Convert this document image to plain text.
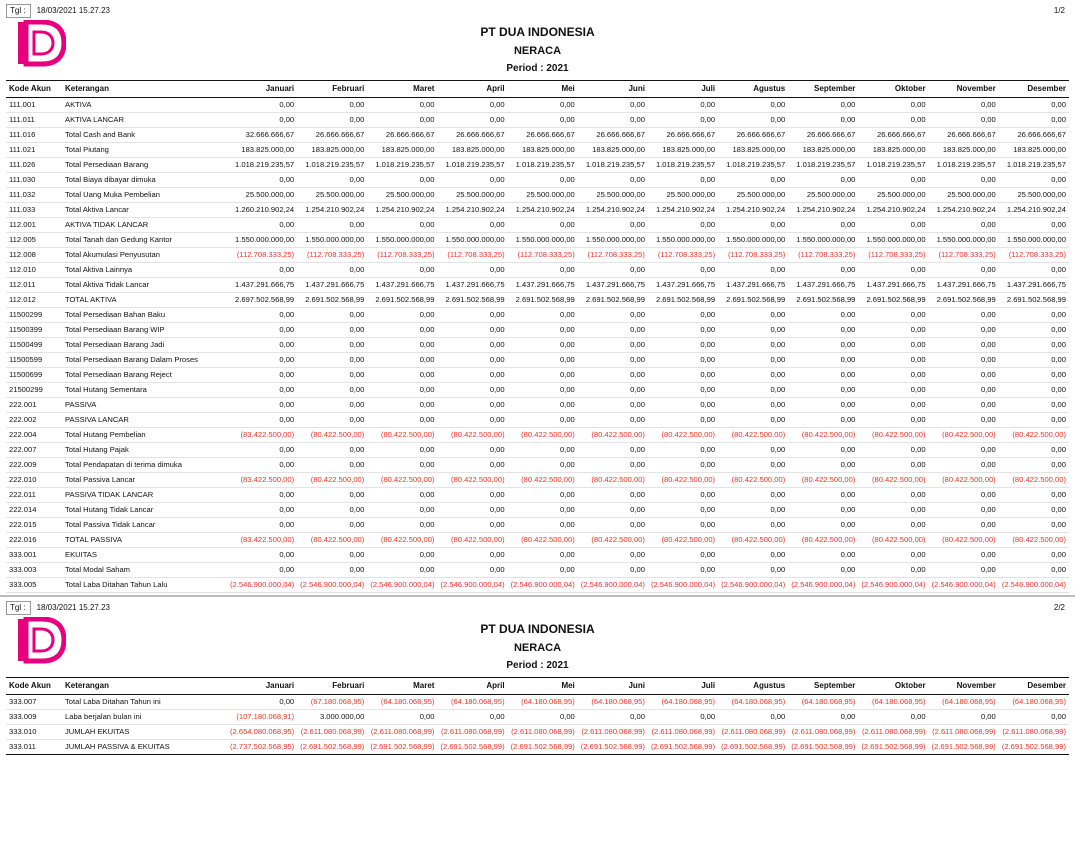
1/2
Tgl :	18/03/2021 15.27.23
PT DUA INDONESIA
NERACA
Period : 2021
Kode Akun	Keterangan	Januari	Februari	Maret	April	Mei	Juni	Juli	Agustus	September	Oktober	November	Desember
111.001	AKTIVA	0,00	0,00	0,00	0,00	0,00	0,00	0,00	0,00	0,00	0,00	0,00	0,00
111.011	AKTIVA LANCAR	0,00	0,00	0,00	0,00	0,00	0,00	0,00	0,00	0,00	0,00	0,00	0,00
111.016	Total Cash and Bank	32.666.666,67	26.666.666,67	26.666.666,67	26.666.666,67	26.666.666,67	26.666.666,67	26.666.666,67	26.666.666,67	26.666.666,67	26.666.666,67	26.666.666,67	26.666.666,67
111.021	Total Piutang	183.825.000,00	183.825.000,00	183.825.000,00	183.825.000,00	183.825.000,00	183.825.000,00	183.825.000,00	183.825.000,00	183.825.000,00	183.825.000,00	183.825.000,00	183.825.000,00
111.026	Total Persediaan Barang	1.018.219.235,57	1.018.219.235,57	1.018.219.235,57	1.018.219.235,57	1.018.219.235,57	1.018.219.235,57	1.018.219.235,57	1.018.219.235,57	1.018.219.235,57	1.018.219.235,57	1.018.219.235,57	1.018.219.235,57
111.030	Total Biaya dibayar dimuka	0,00	0,00	0,00	0,00	0,00	0,00	0,00	0,00	0,00	0,00	0,00	0,00
111.032	Total Uang Muka Pembelian	25.500.000,00	25.500.000,00	25.500.000,00	25.500.000,00	25.500.000,00	25.500.000,00	25.500.000,00	25.500.000,00	25.500.000,00	25.500.000,00	25.500.000,00	25.500.000,00
111.033	Total Aktiva Lancar	1.260.210.902,24	1.254.210.902,24	1.254.210.902,24	1.254.210.902,24	1.254.210.902,24	1.254.210.902,24	1.254.210.902,24	1.254.210.902,24	1.254.210.902,24	1.254.210.902,24	1.254.210.902,24	1.254.210.902,24
112.001	AKTIVA TIDAK LANCAR	0,00	0,00	0,00	0,00	0,00	0,00	0,00	0,00	0,00	0,00	0,00	0,00
112.005	Total Tanah dan Gedung Kantor	1.550.000.000,00	1.550.000.000,00	1.550.000.000,00	1.550.000.000,00	1.550.000.000,00	1.550.000.000,00	1.550.000.000,00	1.550.000.000,00	1.550.000.000,00	1.550.000.000,00	1.550.000.000,00	1.550.000.000,00
112.008	Total Akumulasi Penyusutan	(112.708.333,25)	(112.708.333,25)	(112.708.333,25)	(112.708.333,25)	(112.708.333,25)	(112.708.333,25)	(112.708.333,25)	(112.708.333,25)	(112.708.333,25)	(112.708.333,25)	(112.708.333,25)	(112.708.333,25)
112.010	Total Aktiva Lainnya	0,00	0,00	0,00	0,00	0,00	0,00	0,00	0,00	0,00	0,00	0,00	0,00
112.011	Total Aktiva Tidak Lancar	1.437.291.666,75	1.437.291.666,75	1.437.291.666,75	1.437.291.666,75	1.437.291.666,75	1.437.291.666,75	1.437.291.666,75	1.437.291.666,75	1.437.291.666,75	1.437.291.666,75	1.437.291.666,75	1.437.291.666,75
112.012	TOTAL AKTIVA	2.697.502.568,99	2.691.502.568,99	2.691.502.568,99	2.691.502.568,99	2.691.502.568,99	2.691.502.568,99	2.691.502.568,99	2.691.502.568,99	2.691.502.568,99	2.691.502.568,99	2.691.502.568,99	2.691.502.568,99
11500299	Total Persediaan Bahan Baku	0,00	0,00	0,00	0,00	0,00	0,00	0,00	0,00	0,00	0,00	0,00	0,00
11500399	Total Persediaan Barang WIP	0,00	0,00	0,00	0,00	0,00	0,00	0,00	0,00	0,00	0,00	0,00	0,00
11500499	Total Persediaan Barang Jadi	0,00	0,00	0,00	0,00	0,00	0,00	0,00	0,00	0,00	0,00	0,00	0,00
11500599	Total Persediaan Barang Dalam Proses	0,00	0,00	0,00	0,00	0,00	0,00	0,00	0,00	0,00	0,00	0,00	0,00
11500699	Total Persediaan Barang Reject	0,00	0,00	0,00	0,00	0,00	0,00	0,00	0,00	0,00	0,00	0,00	0,00
21500299	Total Hutang Sementara	0,00	0,00	0,00	0,00	0,00	0,00	0,00	0,00	0,00	0,00	0,00	0,00
222.001	PASSIVA	0,00	0,00	0,00	0,00	0,00	0,00	0,00	0,00	0,00	0,00	0,00	0,00
222.002	PASSIVA LANCAR	0,00	0,00	0,00	0,00	0,00	0,00	0,00	0,00	0,00	0,00	0,00	0,00
222.004	Total Hutang Pembelian	(83.422.500,00)	(80.422.500,00)	(80.422.500,00)	(80.422.500,00)	(80.422.500,00)	(80.422.500,00)	(80.422.500,00)	(80.422.500,00)	(80.422.500,00)	(80.422.500,00)	(80.422.500,00)	(80.422.500,00)
222.007	Total Hutang Pajak	0,00	0,00	0,00	0,00	0,00	0,00	0,00	0,00	0,00	0,00	0,00	0,00
222.009	Total Pendapatan di terima dimuka	0,00	0,00	0,00	0,00	0,00	0,00	0,00	0,00	0,00	0,00	0,00	0,00
222.010	Total Passiva Lancar	(83.422.500,00)	(80.422.500,00)	(80.422.500,00)	(80.422.500,00)	(80.422.500,00)	(80.422.500,00)	(80.422.500,00)	(80.422.500,00)	(80.422.500,00)	(80.422.500,00)	(80.422.500,00)	(80.422.500,00)
222.011	PASSIVA TIDAK LANCAR	0,00	0,00	0,00	0,00	0,00	0,00	0,00	0,00	0,00	0,00	0,00	0,00
222.014	Total Hutang Tidak Lancar	0,00	0,00	0,00	0,00	0,00	0,00	0,00	0,00	0,00	0,00	0,00	0,00
222.015	Total Passiva Tidak Lancar	0,00	0,00	0,00	0,00	0,00	0,00	0,00	0,00	0,00	0,00	0,00	0,00
222.016	TOTAL PASSIVA	(83.422.500,00)	(80.422.500,00)	(80.422.500,00)	(80.422.500,00)	(80.422.500,00)	(80.422.500,00)	(80.422.500,00)	(80.422.500,00)	(80.422.500,00)	(80.422.500,00)	(80.422.500,00)	(80.422.500,00)
333.001	EKUITAS	0,00	0,00	0,00	0,00	0,00	0,00	0,00	0,00	0,00	0,00	0,00	0,00
333.003	Total Modal Saham	0,00	0,00	0,00	0,00	0,00	0,00	0,00	0,00	0,00	0,00	0,00	0,00
333.005	Total Laba Ditahan Tahun Lalu	(2.546.900.000,04)	(2.546.900.000,04)	(2.546.900.000,04)	(2.546.900.000,04)	(2.546.900.000,04)	(2.546.900.000,04)	(2.546.900.000,04)	(2.546.900.000,04)	(2.546.900.000,04)	(2.546.900.000,04)	(2.546.900.000,04)	(2.546.900.000,04)
2/2
Tgl :	18/03/2021 15.27.23
PT DUA INDONESIA
NERACA
Period : 2021
Kode Akun	Keterangan	Januari	Februari	Maret	April	Mei	Juni	Juli	Agustus	September	Oktober	November	Desember
333.007	Total Laba Ditahan Tahun ini	0,00	(67.180.068,95)	(64.180.068,95)	(64.180.068,95)	(64.180.068,95)	(64.180.068,95)	(64.180.068,95)	(64.180.068,95)	(64.180.068,95)	(64.180.068,95)	(64.180.068,95)	(64.180.068,95)
333.009	Laba berjalan bulan ini	(107.180.068,91)	3.000.000,00	0,00	0,00	0,00	0,00	0,00	0,00	0,00	0,00	0,00	0,00
333.010	JUMLAH EKUITAS	(2.654.080.068,95)	(2.611.080.068,99)	(2.611.080.068,99)	(2.611.080.068,99)	(2.611.080.068,99)	(2.611.080.068,99)	(2.611.080.068,99)	(2.611.080.068,99)	(2.611.080.068,99)	(2.611.080.068,99)	(2.611.080.068,99)	(2.611.080.068,99)
333.011	JUMLAH PASSIVA & EKUITAS	(2.737.502.568,95)	(2.691.502.568,99)	(2.691.502.568,99)	(2.691.502.568,99)	(2.691.502.568,99)	(2.691.502.568,99)	(2.691.502.568,99)	(2.691.502.568,99)	(2.691.502.568,99)	(2.691.502.568,99)	(2.691.502.568,99)	(2.691.502.568,99)
